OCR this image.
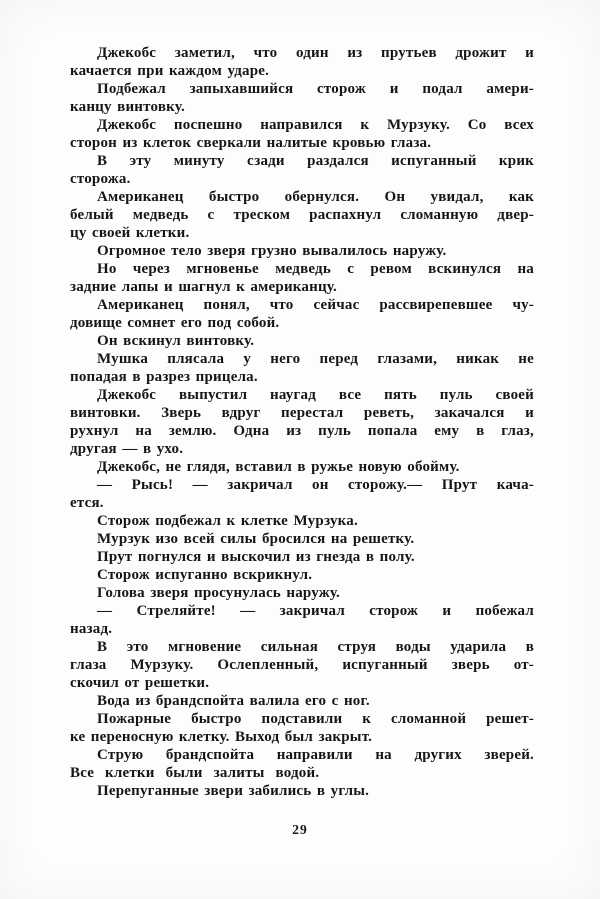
Джекобс заметил, что один из прутьев дрожит и
качается при каждом ударе.
Подбежал запыхавшийся сторож и подал амери-
канцу винтовку.
Джекобс поспешно направился к Мурзуку. Со всех
сторон из клеток сверкали налитые кровью глаза.
В эту минуту сзади раздался испуганный крик
сторожа.
Американец быстро обернулся. Он увидал, как
белый медведь с треском распахнул сломанную двер-
цу своей клетки.
Огромное тело зверя грузно вывалилось наружу.
Но через мгновенье медведь с ревом вскинулся на
задние лапы и шагнул к американцу.
Американец понял, что сейчас рассвирепевшее чу-
довище сомнет его под собой.
Он вскинул винтовку.
Мушка плясала у него перед глазами, никак не
попадая в разрез прицела.
Джекобс выпустил наугад все пять пуль своей
винтовки. Зверь вдруг перестал реветь, закачался и
рухнул на землю. Одна из пуль попала ему в глаз,
другая — в ухо.
Джекобс, не глядя, вставил в ружье новую обойму.
— Рысь! — закричал он сторожу.— Прут кача-
ется.
Сторож подбежал к клетке Мурзука.
Мурзук изо всей силы бросился на решетку.
Прут погнулся и выскочил из гнезда в полу.
Сторож испуганно вскрикнул.
Голова зверя просунулась наружу.
— Стреляйте! — закричал сторож и побежал
назад.
В это мгновение сильная струя воды ударила в
глаза Мурзуку. Ослепленный, испуганный зверь от-
скочил от решетки.
Вода из брандспойта валила его с ног.
Пожарные быстро подставили к сломанной решет-
ке переносную клетку. Выход был закрыт.
Струю брандспойта направили на других зверей.
Все клетки были залиты водой.
Перепуганные звери забились в углы.
29
